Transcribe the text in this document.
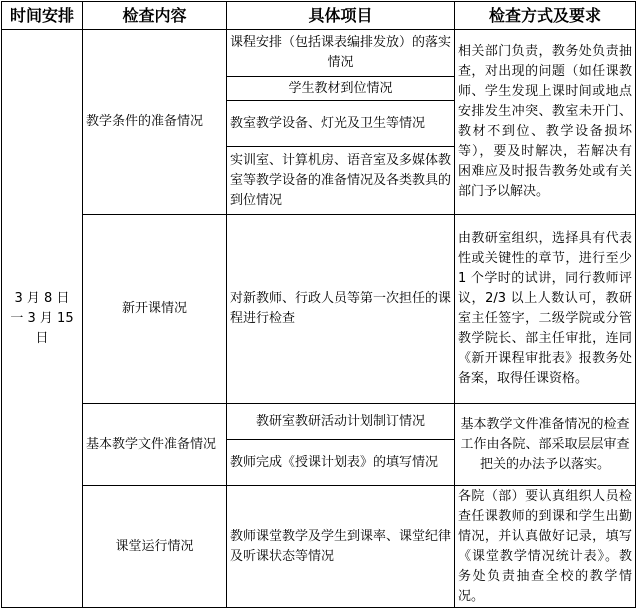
时间安排	检查内容	具体项目	检查方式及要求

3 月 8 日一 3 月 15 日	教学条件的准备情况	课程安排（包括课表编排发放）的落实情况	相关部门负责，教务处负责抽查，对出现的问题（如任课教师、学生发现上课时间或地点安排发生冲突、教室未开门、教材不到位、教学设备损坏等），要及时解决，若解决有困难应及时报告教务处或有关部门予以解决。
		学生教材到位情况	
		教室教学设备、灯光及卫生等情况	
		实训室、计算机房、语音室及多媒体教室等教学设备的准备情况及各类教具的到位情况	
	新开课情况	对新教师、行政人员等第一次担任的课程进行检查	由教研室组织，选择具有代表性或关键性的章节，进行至少 1 个学时的试讲，同行教师评议，2/3 以上人数认可，教研室主任签字，二级学院或分管教学院长、部主任审批，连同《新开课程审批表》报教务处备案，取得任课资格。
	基本教学文件准备情况	教研室教研活动计划制订情况	基本教学文件准备情况的检查工作由各院、部采取层层审查把关的办法予以落实。
		教师完成《授课计划表》的填写情况	
	课堂运行情况	教师课堂教学及学生到课率、课堂纪律及听课状态等情况	各院（部）要认真组织人员检查任课教师的到课和学生出勤情况，并认真做好记录，填写《课堂教学情况统计表》。教务处负责抽查全校的教学情况。
